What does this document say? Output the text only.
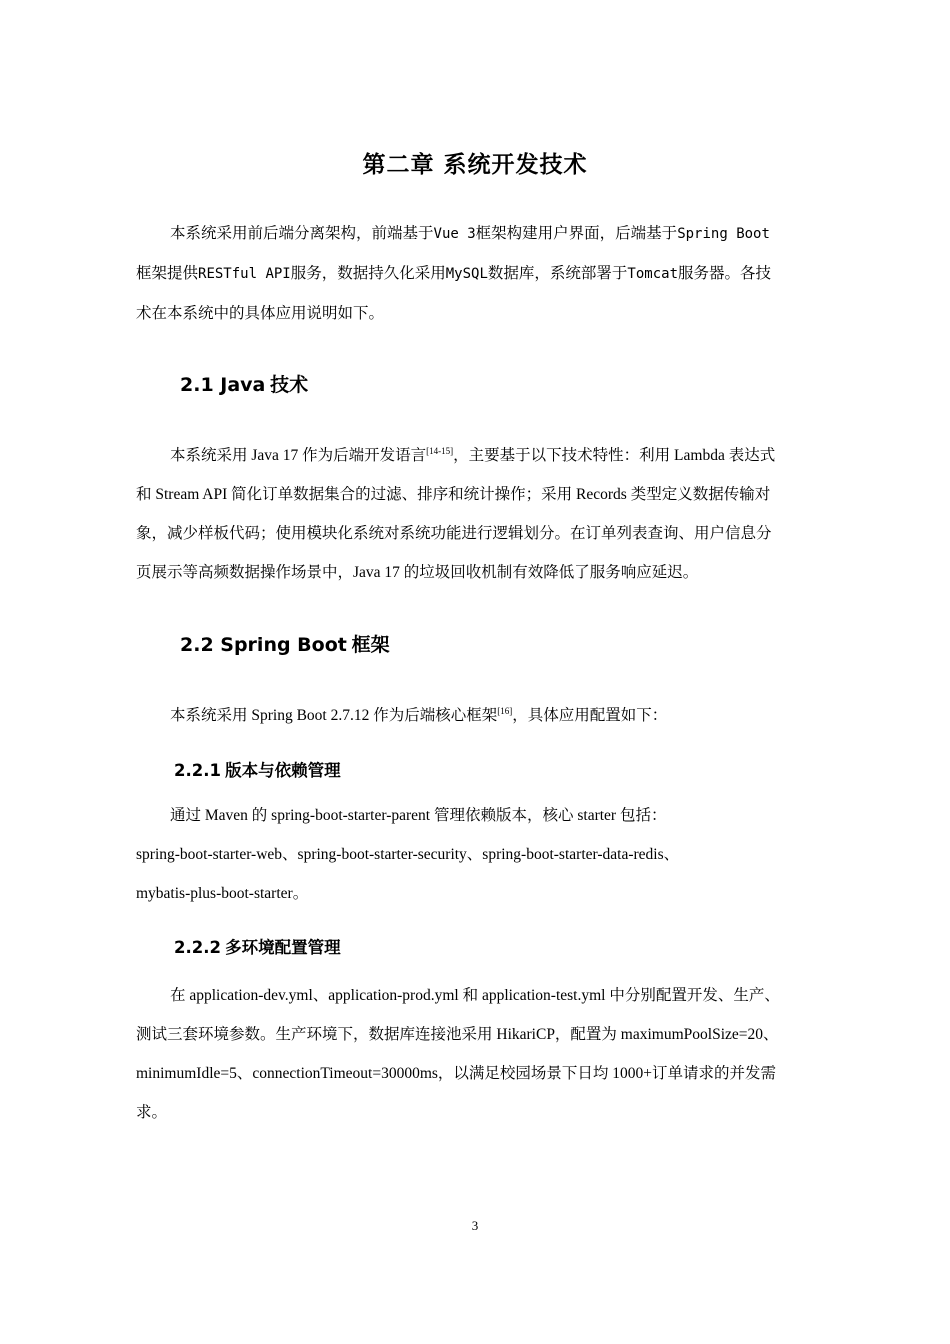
第二章 系统开发技术
本系统采用前后端分离架构，前端基于Vue 3框架构建用户界面，后端基于Spring Boot
框架提供RESTful API服务，数据持久化采用MySQL数据库，系统部署于Tomcat服务器。各技
术在本系统中的具体应用说明如下。
2.1 Java 技术
本系统采用 Java 17 作为后端开发语言[14-15]，主要基于以下技术特性：利用 Lambda 表达式
和 Stream API 简化订单数据集合的过滤、排序和统计操作；采用 Records 类型定义数据传输对
象，减少样板代码；使用模块化系统对系统功能进行逻辑划分。在订单列表查询、用户信息分
页展示等高频数据操作场景中，Java 17 的垃圾回收机制有效降低了服务响应延迟。
2.2 Spring Boot 框架
本系统采用 Spring Boot 2.7.12 作为后端核心框架[16]，具体应用配置如下：
2.2.1 版本与依赖管理
通过 Maven 的 spring-boot-starter-parent 管理依赖版本，核心 starter 包括：
spring-boot-starter-web、spring-boot-starter-security、spring-boot-starter-data-redis、
mybatis-plus-boot-starter。
2.2.2 多环境配置管理
在 application-dev.yml、application-prod.yml 和 application-test.yml 中分别配置开发、生产、
测试三套环境参数。生产环境下，数据库连接池采用 HikariCP，配置为 maximumPoolSize=20、
minimumIdle=5、connectionTimeout=30000ms，以满足校园场景下日均 1000+订单请求的并发需
求。
3
